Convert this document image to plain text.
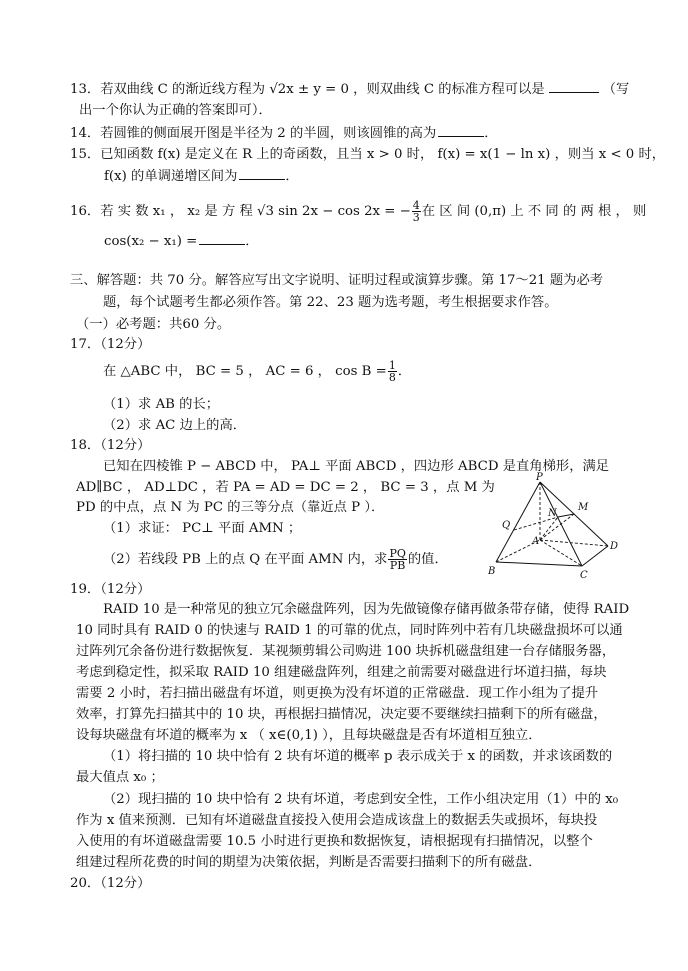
13．若双曲线 C 的渐近线方程为 √2x ± y = 0 ，则双曲线 C 的标准方程可以是	（写
出一个你认为正确的答案即可）．
14．若圆锥的侧面展开图是半径为 2 的半圆，则该圆锥的高为	．
15．已知函数 f(x) 是定义在 R 上的奇函数，且当 x > 0 时， f(x) = x(1 − ln x) ，则当 x < 0 时，
f(x) 的单调递增区间为	．
16．若 实 数 x₁ ， x₂ 是 方 程 √3 sin 2x − cos 2x = − $\frac{4}{3}$ 在 区 间 (0,π) 上 不 同 的 两 根 ， 则
cos(x₂ − x₁) =	．
三、解答题：共 70 分。解答应写出文字说明、证明过程或演算步骤。第 17～21 题为必考
题，每个试题考生都必须作答。第 22、23 题为选考题，考生根据要求作答。
（一）必考题：共60 分。
17．（12分）
在 △ABC 中， BC = 5 ， AC = 6 ， $\cos B = \frac{1}{8}$ ．
（1）求 AB 的长；
（2）求 AC 边上的高．
18．（12分）
已知在四棱锥 P − ABCD 中， PA⊥ 平面 ABCD ，四边形 ABCD 是直角梯形，满足
AD∥BC ， AD⊥DC ，若 PA = AD = DC = 2 ， BC = 3 ，点 M 为
PD 的中点，点 N 为 PC 的三等分点（靠近点 P ）．
（1）求证： PC⊥ 平面 AMN ；
（2）若线段 PB 上的点 Q 在平面 AMN 内，求 $\frac{PQ}{PB}$ 的值．
P
Q
N
M
A	D
B	C
19．（12分）
RAID 10 是一种常见的独立冗余磁盘阵列，因为先做镜像存储再做条带存储，使得 RAID
10 同时具有 RAID 0 的快速与 RAID 1 的可靠的优点，同时阵列中若有几块磁盘损坏可以通
过阵列冗余备份进行数据恢复．某视频剪辑公司购进 100 块拆机磁盘组建一台存储服务器，
考虑到稳定性，拟采取 RAID 10 组建磁盘阵列，组建之前需要对磁盘进行坏道扫描，每块
需要 2 小时，若扫描出磁盘有坏道，则更换为没有坏道的正常磁盘．现工作小组为了提升
效率，打算先扫描其中的 10 块，再根据扫描情况，决定要不要继续扫描剩下的所有磁盘，
设每块磁盘有坏道的概率为 x （ x∈(0,1) ），且每块磁盘是否有坏道相互独立．
（1）将扫描的 10 块中恰有 2 块有坏道的概率 p 表示成关于 x 的函数，并求该函数的
最大值点 x₀ ；
（2）现扫描的 10 块中恰有 2 块有坏道，考虑到安全性，工作小组决定用（1）中的 x₀
作为 x 值来预测．已知有坏道磁盘直接投入使用会造成该盘上的数据丢失或损坏，每块投
入使用的有坏道磁盘需要 10.5 小时进行更换和数据恢复，请根据现有扫描情况，以整个
组建过程所花费的时间的期望为决策依据，判断是否需要扫描剩下的所有磁盘．
20．（12分）
